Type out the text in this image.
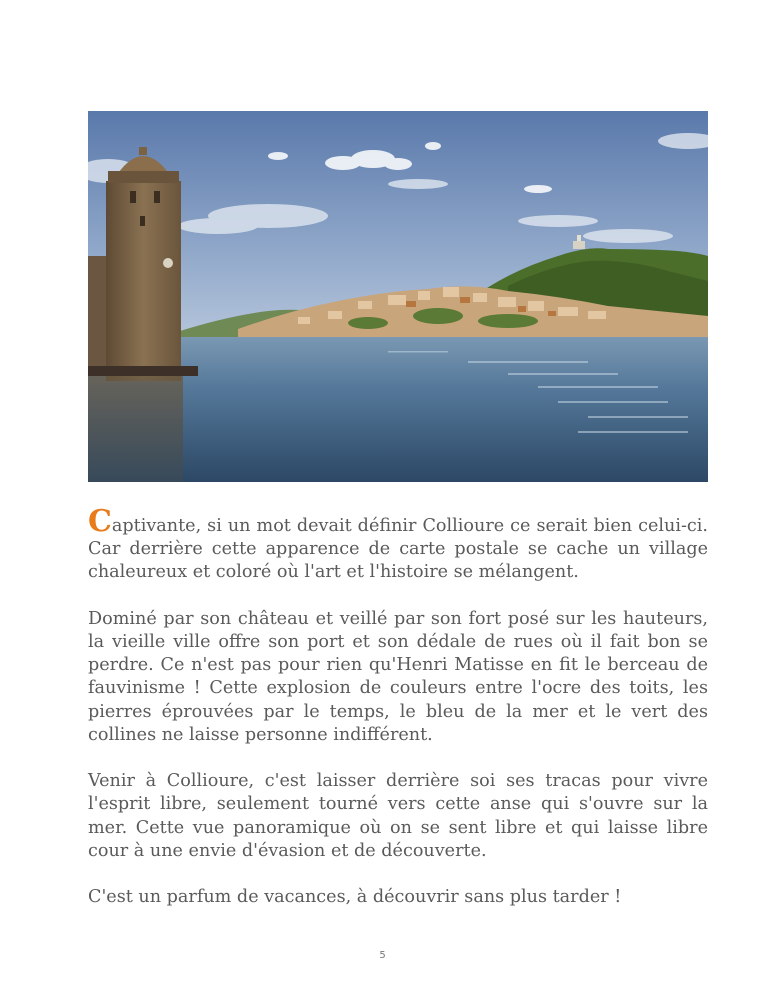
Captivante, si un mot devait définir Collioure ce serait bien celui-ci. Car derrière cette apparence de carte postale se cache un village chaleureux et coloré où l'art et l'histoire se mélangent.

Dominé par son château et veillé par son fort posé sur les hauteurs, la vieille ville offre son port et son dédale de rues où il fait bon se perdre. Ce n'est pas pour rien qu'Henri Matisse en fit le berceau de fauvinisme ! Cette explosion de couleurs entre l'ocre des toits, les pierres éprouvées par le temps, le bleu de la mer et le vert des collines ne laisse personne indifférent.

Venir à Collioure, c'est laisser derrière soi ses tracas pour vivre l'esprit libre, seulement tourné vers cette anse qui s'ouvre sur la mer. Cette vue panoramique où on se sent libre et qui laisse libre cour à une envie d'évasion et de découverte.

C'est un parfum de vacances, à découvrir sans plus tarder !

5
